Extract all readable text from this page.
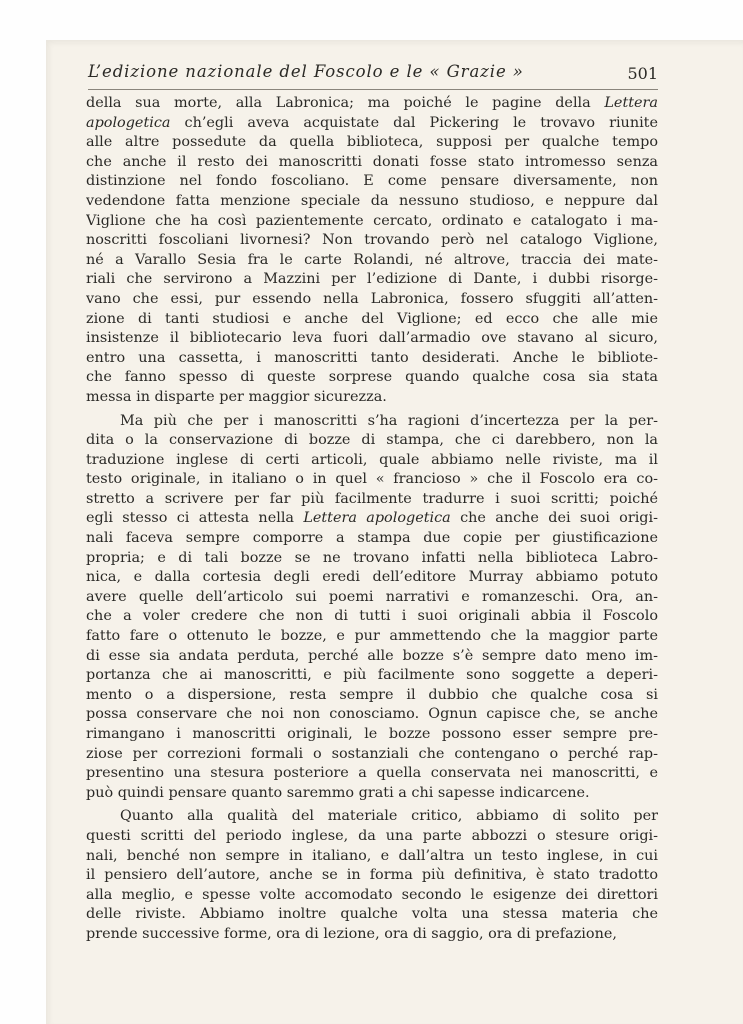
L’edizione nazionale del Foscolo e le « Grazie »	501
della sua morte, alla Labronica; ma poiché le pagine della Lettera
apologetica ch’egli aveva acquistate dal Pickering le trovavo riunite
alle altre possedute da quella biblioteca, supposi per qualche tempo
che anche il resto dei manoscritti donati fosse stato intromesso senza
distinzione nel fondo foscoliano. E come pensare diversamente, non
vedendone fatta menzione speciale da nessuno studioso, e neppure dal
Viglione che ha così pazientemente cercato, ordinato e catalogato i ma-
noscritti foscoliani livornesi? Non trovando però nel catalogo Viglione,
né a Varallo Sesia fra le carte Rolandi, né altrove, traccia dei mate-
riali che servirono a Mazzini per l’edizione di Dante, i dubbi risorge-
vano che essi, pur essendo nella Labronica, fossero sfuggiti all’atten-
zione di tanti studiosi e anche del Viglione; ed ecco che alle mie
insistenze il bibliotecario leva fuori dall’armadio ove stavano al sicuro,
entro una cassetta, i manoscritti tanto desiderati. Anche le bibliote-
che fanno spesso di queste sorprese quando qualche cosa sia stata
messa in disparte per maggior sicurezza.
Ma più che per i manoscritti s’ha ragioni d’incertezza per la per-
dita o la conservazione di bozze di stampa, che ci darebbero, non la
traduzione inglese di certi articoli, quale abbiamo nelle riviste, ma il
testo originale, in italiano o in quel « francioso » che il Foscolo era co-
stretto a scrivere per far più facilmente tradurre i suoi scritti; poiché
egli stesso ci attesta nella Lettera apologetica che anche dei suoi origi-
nali faceva sempre comporre a stampa due copie per giustificazione
propria; e di tali bozze se ne trovano infatti nella biblioteca Labro-
nica, e dalla cortesia degli eredi dell’editore Murray abbiamo potuto
avere quelle dell’articolo sui poemi narrativi e romanzeschi. Ora, an-
che a voler credere che non di tutti i suoi originali abbia il Foscolo
fatto fare o ottenuto le bozze, e pur ammettendo che la maggior parte
di esse sia andata perduta, perché alle bozze s’è sempre dato meno im-
portanza che ai manoscritti, e più facilmente sono soggette a deperi-
mento o a dispersione, resta sempre il dubbio che qualche cosa si
possa conservare che noi non conosciamo. Ognun capisce che, se anche
rimangano i manoscritti originali, le bozze possono esser sempre pre-
ziose per correzioni formali o sostanziali che contengano o perché rap-
presentino una stesura posteriore a quella conservata nei manoscritti, e
può quindi pensare quanto saremmo grati a chi sapesse indicarcene.
Quanto alla qualità del materiale critico, abbiamo di solito per
questi scritti del periodo inglese, da una parte abbozzi o stesure origi-
nali, benché non sempre in italiano, e dall’altra un testo inglese, in cui
il pensiero dell’autore, anche se in forma più definitiva, è stato tradotto
alla meglio, e spesse volte accomodato secondo le esigenze dei direttori
delle riviste. Abbiamo inoltre qualche volta una stessa materia che
prende successive forme, ora di lezione, ora di saggio, ora di prefazione,
